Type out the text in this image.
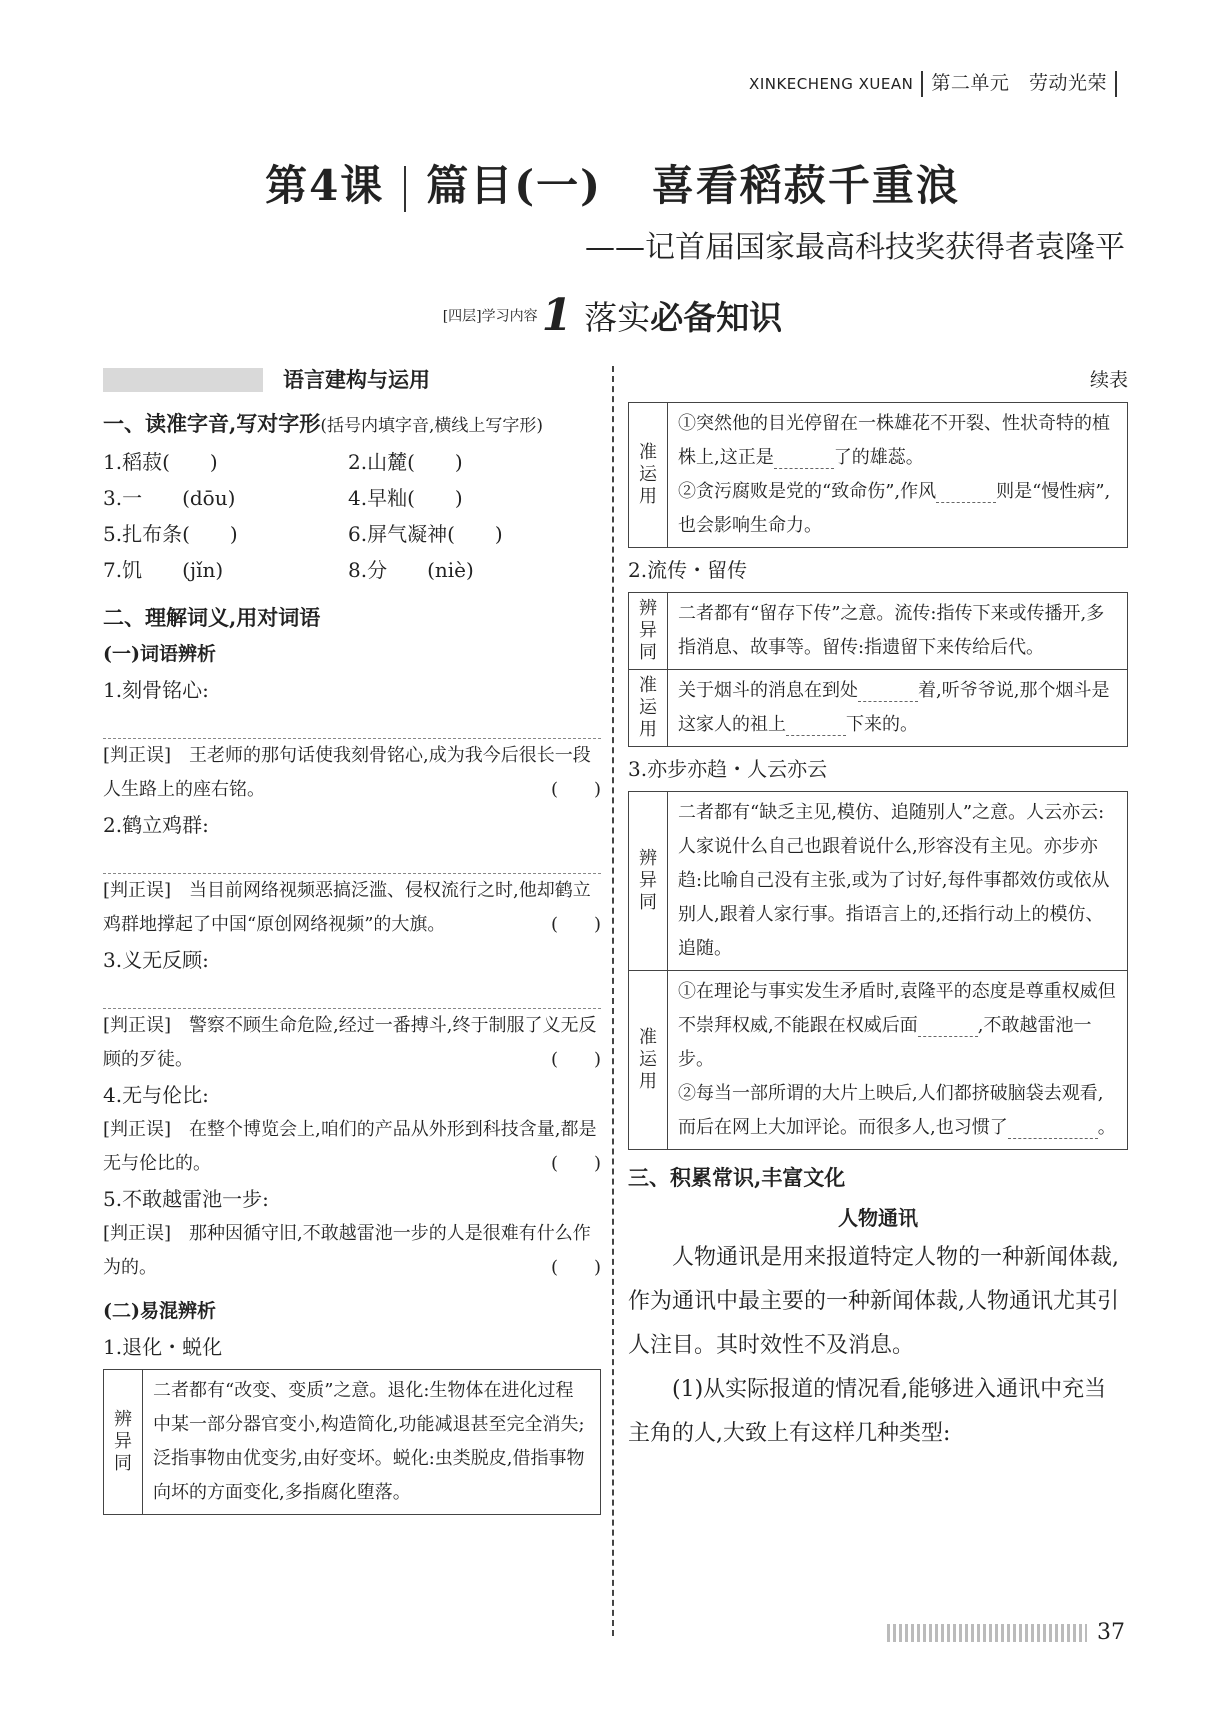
XINKECHENG XUEAN 第二单元 劳动光荣
第4课 篇目(一) 喜看稻菽千重浪
——记首届国家最高科技奖获得者袁隆平
[四层]学习内容1 落实必备知识
语言建构与运用
一、读准字音,写对字形(括号内填字音,横线上写字形)
1.稻菽(　　)	2.山麓(　　)
3.一　　(dōu)	4.早籼(　　)
5.扎布条(　　)	6.屏气凝神(　　)
7.饥　　(jǐn)	8.分　　(niè)
二、理解词义,用对词语
(一)词语辨析
1.刻骨铭心:
[判正误]　王老师的那句话使我刻骨铭心,成为我今后很长一段人生路上的座右铭。	(　　)
2.鹤立鸡群:
[判正误]　当目前网络视频恶搞泛滥、侵权流行之时,他却鹤立鸡群地撑起了中国“原创网络视频”的大旗。	(　　)
3.义无反顾:
[判正误]　警察不顾生命危险,经过一番搏斗,终于制服了义无反顾的歹徒。	(　　)
4.无与伦比:
[判正误]　在整个博览会上,咱们的产品从外形到科技含量,都是无与伦比的。	(　　)
5.不敢越雷池一步:
[判正误]　那种因循守旧,不敢越雷池一步的人是很难有什么作为的。	(　　)
(二)易混辨析
1.退化・蜕化
辨异同
二者都有“改变、变质”之意。退化:生物体在进化过程中某一部分器官变小,构造简化,功能减退甚至完全消失;泛指事物由优变劣,由好变坏。蜕化:虫类脱皮,借指事物向坏的方面变化,多指腐化堕落。
续表
准运用
①突然他的目光停留在一株雄花不开裂、性状奇特的植株上,这正是	了的雄蕊。
②贪污腐败是党的“致命伤”,作风	则是“慢性病”,也会影响生命力。
2.流传・留传
辨异同
二者都有“留存下传”之意。流传:指传下来或传播开,多指消息、故事等。留传:指遗留下来传给后代。
准运用
关于烟斗的消息在到处	着,听爷爷说,那个烟斗是这家人的祖上	下来的。
3.亦步亦趋・人云亦云
辨异同
二者都有“缺乏主见,模仿、追随别人”之意。人云亦云:人家说什么自己也跟着说什么,形容没有主见。亦步亦趋:比喻自己没有主张,或为了讨好,每件事都效仿或依从别人,跟着人家行事。指语言上的,还指行动上的模仿、追随。
准运用
①在理论与事实发生矛盾时,袁隆平的态度是尊重权威但不崇拜权威,不能跟在权威后面	,不敢越雷池一步。
②每当一部所谓的大片上映后,人们都挤破脑袋去观看,而后在网上大加评论。而很多人,也习惯了	。
三、积累常识,丰富文化
人物通讯
人物通讯是用来报道特定人物的一种新闻体裁,作为通讯中最主要的一种新闻体裁,人物通讯尤其引人注目。其时效性不及消息。
(1)从实际报道的情况看,能够进入通讯中充当主角的人,大致上有这样几种类型:
37
